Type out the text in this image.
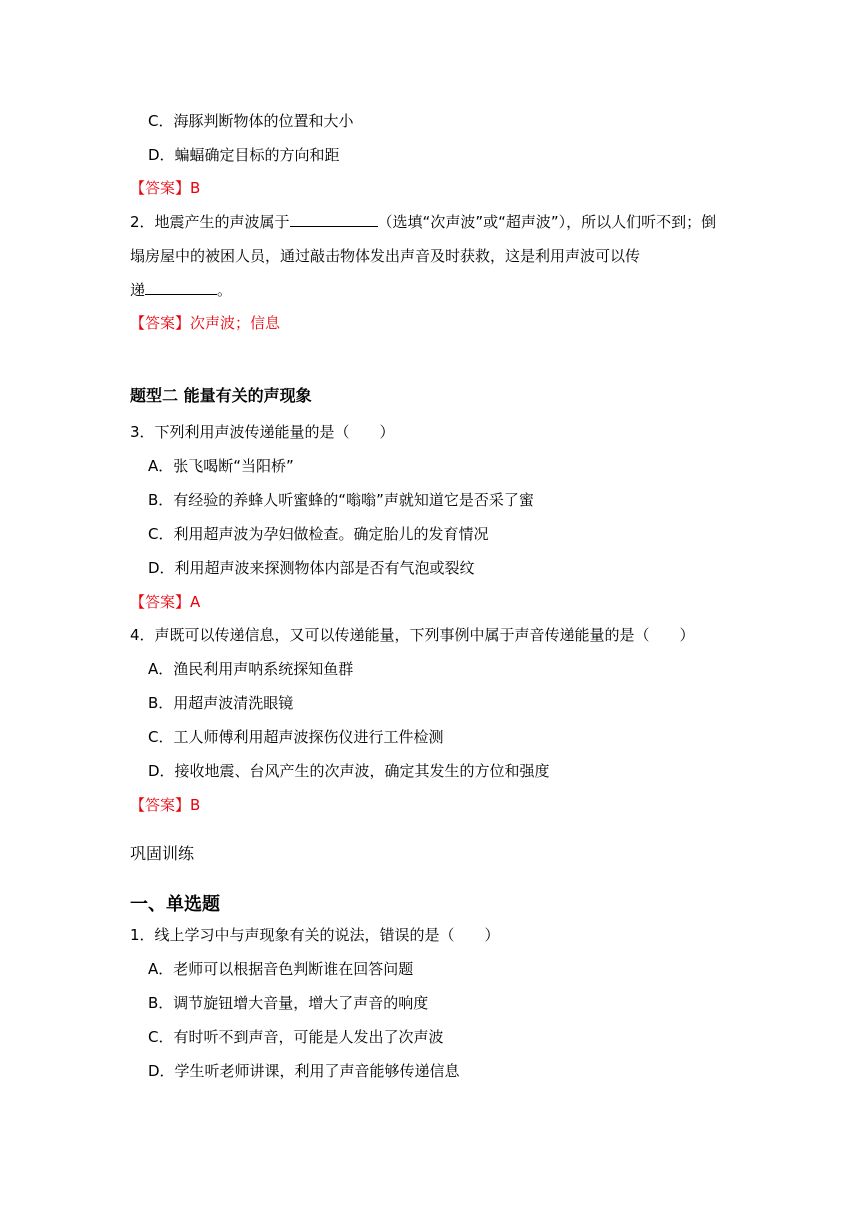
C．海豚判断物体的位置和大小
D．蝙蝠确定目标的方向和距
【答案】B
2．地震产生的声波属于	（选填“次声波”或“超声波”），所以人们听不到；倒
塌房屋中的被困人员，通过敲击物体发出声音及时获救，这是利用声波可以传
递	。
【答案】次声波；信息
题型二 能量有关的声现象
3．下列利用声波传递能量的是（　　）
A．张飞喝断“当阳桥”
B．有经验的养蜂人听蜜蜂的“嗡嗡”声就知道它是否采了蜜
C．利用超声波为孕妇做检查。确定胎儿的发育情况
D．利用超声波来探测物体内部是否有气泡或裂纹
【答案】A
4．声既可以传递信息，又可以传递能量，下列事例中属于声音传递能量的是（　　）
A．渔民利用声呐系统探知鱼群
B．用超声波清洗眼镜
C．工人师傅利用超声波探伤仪进行工件检测
D．接收地震、台风产生的次声波，确定其发生的方位和强度
【答案】B
巩固训练
一、单选题
1．线上学习中与声现象有关的说法，错误的是（　　）
A．老师可以根据音色判断谁在回答问题
B．调节旋钮增大音量，增大了声音的响度
C．有时听不到声音，可能是人发出了次声波
D．学生听老师讲课，利用了声音能够传递信息
